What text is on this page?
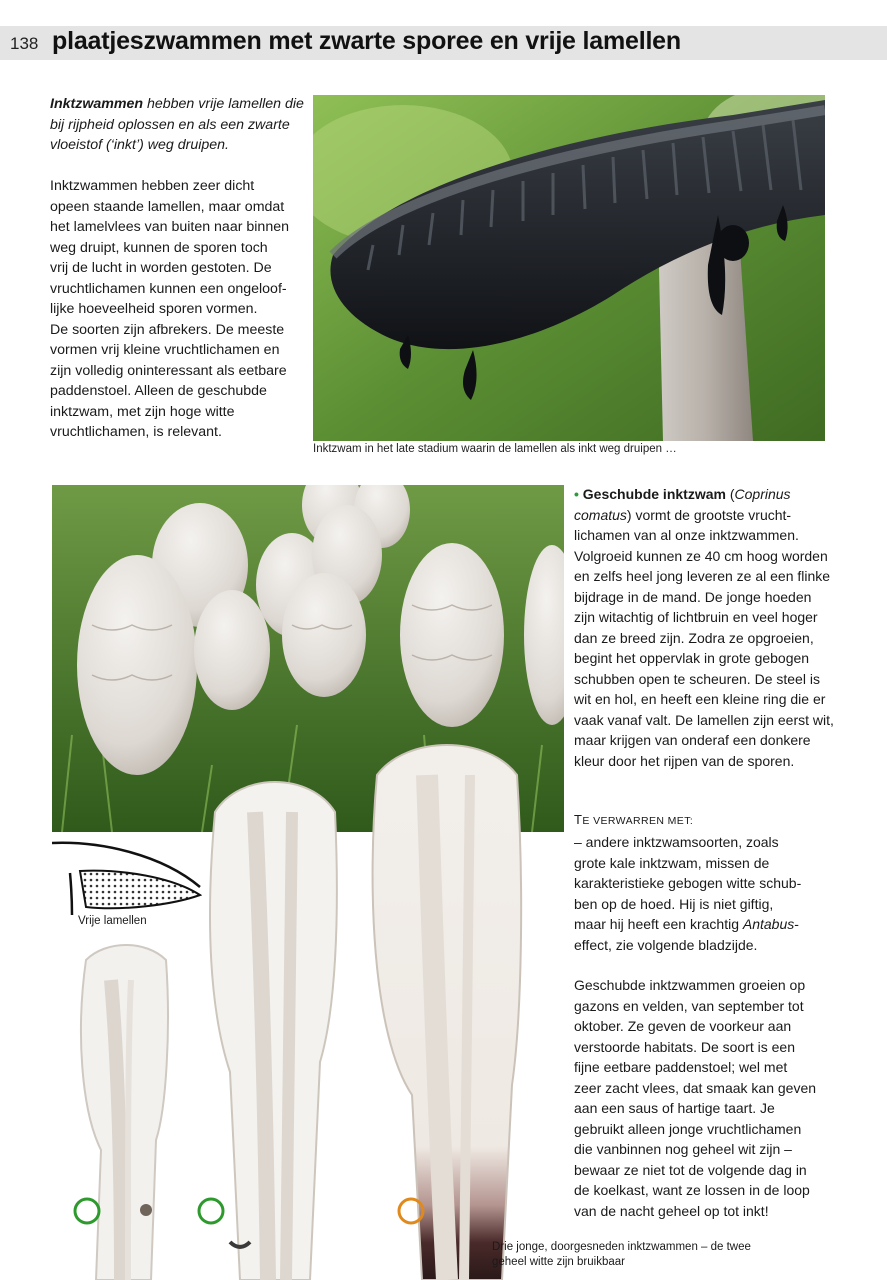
138 plaatjeszwammen met zwarte sporee en vrije lamellen
Inktzwammen hebben vrije lamellen die bij rijpheid oplossen en als een zwarte vloeistof (‘inkt’) weg druipen.
Inktzwammen hebben zeer dicht
opeen staande lamellen, maar omdat
het lamelvlees van buiten naar binnen
weg druipt, kunnen de sporen toch
vrij de lucht in worden gestoten. De
vruchtlichamen kunnen een ongeloof-
lijke hoeveelheid sporen vormen.
De soorten zijn afbrekers. De meeste
vormen vrij kleine vruchtlichamen en
zijn volledig oninteressant als eetbare
paddenstoel. Alleen de geschubde
inktzwam, met zijn hoge witte
vruchtlichamen, is relevant.
Inktzwam in het late stadium waarin de lamellen als inkt weg druipen …
• Geschubde inktzwam (Coprinus comatus) vormt de grootste vrucht- lichamen van al onze inktzwammen. Volgroeid kunnen ze 40 cm hoog worden en zelfs heel jong leveren ze al een flinke bijdrage in de mand. De jonge hoeden zijn witachtig of lichtbruin en veel hoger dan ze breed zijn. Zodra ze opgroeien, begint het oppervlak in grote gebogen schubben open te scheuren. De steel is wit en hol, en heeft een kleine ring die er vaak vanaf valt. De lamellen zijn eerst wit, maar krijgen van onderaf een donkere kleur door het rijpen van de sporen.
TE VERWARREN MET:
– andere inktzwamsoorten, zoals
grote kale inktzwam, missen de
karakteristieke gebogen witte schub-
ben op de hoed. Hij is niet giftig,
maar hij heeft een krachtig Antabus-
effect, zie volgende bladzijde.
Geschubde inktzwammen groeien op
gazons en velden, van september tot
oktober. Ze geven de voorkeur aan
verstoorde habitats. De soort is een
fijne eetbare paddenstoel; wel met
zeer zacht vlees, dat smaak kan geven
aan een saus of hartige taart. Je
gebruikt alleen jonge vruchtlichamen
die vanbinnen nog geheel wit zijn –
bewaar ze niet tot de volgende dag in
de koelkast, want ze lossen in de loop
van de nacht geheel op tot inkt!
Vrije lamellen
Drie jonge, doorgesneden inktzwammen – de twee
geheel witte zijn bruikbaar
